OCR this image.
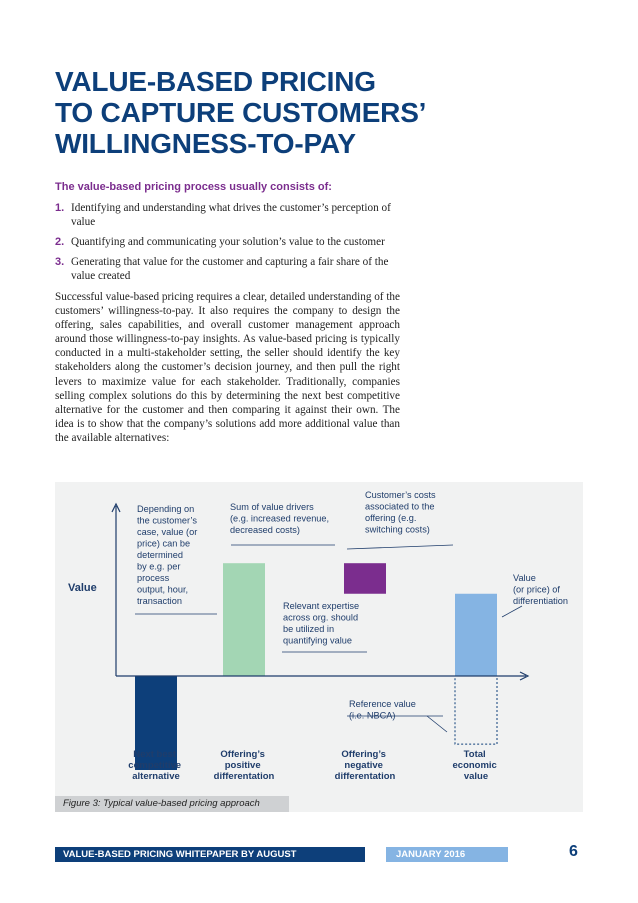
VALUE-BASED PRICING
TO CAPTURE CUSTOMERS’
WILLINGNESS-TO-PAY
The value-based pricing process usually consists of:
1. Identifying and understanding what drives the customer’s perception of value
2. Quantifying and communicating your solution’s value to the customer
3. Generating that value for the customer and capturing a fair share of the value created

Successful value-based pricing requires a clear, detailed understanding of the customers’ willingness-to-pay. It also requires the company to design the offering, sales capabilities, and overall customer management approach around those willingness-to-pay insights. As value-based pricing is typically conducted in a multi-stakeholder setting, the seller should identify the key stakeholders along the customer’s decision journey, and then pull the right levers to maximize value for each stakeholder. Traditionally, companies selling complex solutions do this by determining the next best competitive alternative for the customer and then comparing it against their own. The idea is to show that the company’s solutions add more additional value than the available alternatives:

Value
Depending on the customer’s case, value (or price) can be determined by e.g. per process output, hour, transaction
Sum of value drivers (e.g. increased revenue, decreased costs)
Customer’s costs associated to the offering (e.g. switching costs)
Relevant expertise across org. should be utilized in quantifying value
Value (or price) of differentiation
Reference value (i.e. NBCA)
Next best competitive alternative
Offering’s positive differentation
Offering’s negative differentation
Total economic value
Figure 3: Typical value-based pricing approach
VALUE-BASED PRICING WHITEPAPER BY AUGUST	JANUARY 2016	6
